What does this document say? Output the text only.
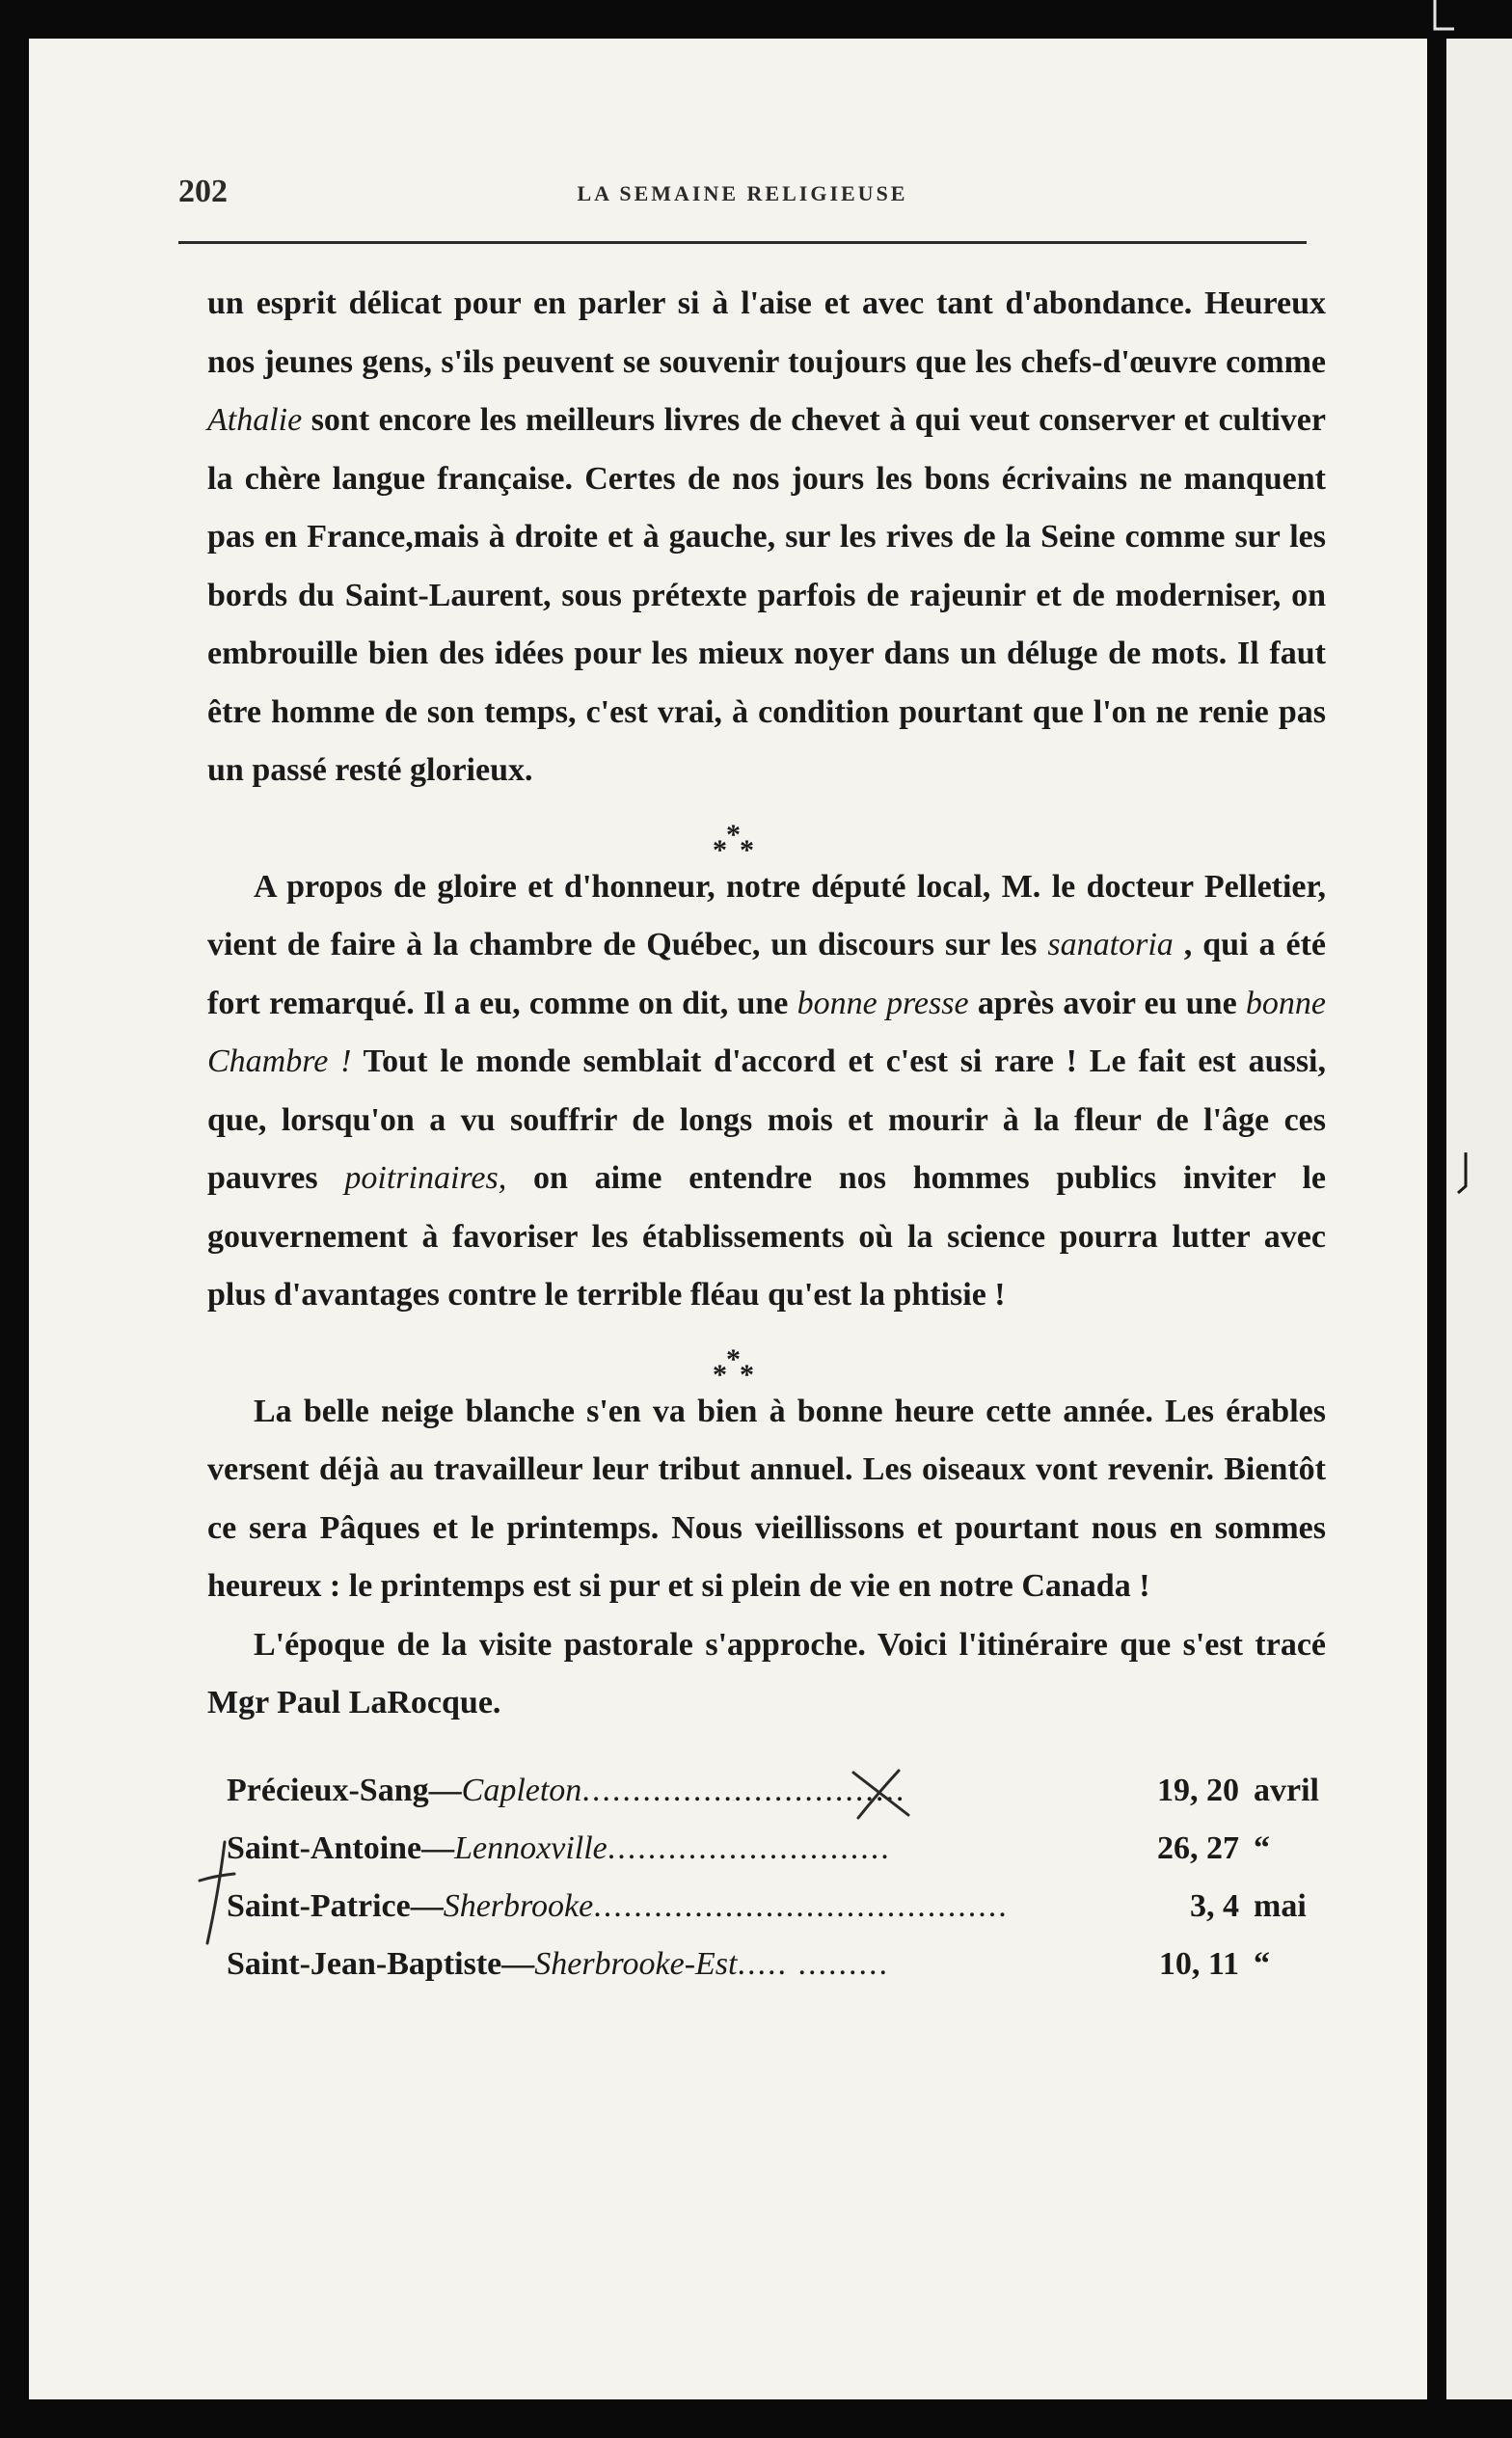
202	LA SEMAINE RELIGIEUSE

un esprit délicat pour en parler si à l'aise et avec tant d'abondance. Heureux nos jeunes gens, s'ils peuvent se souvenir toujours que les chefs-d'œuvre comme Athalie sont encore les meilleurs livres de chevet à qui veut conserver et cultiver la chère langue française. Certes de nos jours les bons écrivains ne manquent pas en France,mais à droite et à gauche, sur les rives de la Seine comme sur les bords du Saint-Laurent, sous prétexte parfois de rajeunir et de moderniser, on embrouille bien des idées pour les mieux noyer dans un déluge de mots. Il faut être homme de son temps, c'est vrai, à condition pourtant que l'on ne renie pas un passé resté glorieux.

*
* *

A propos de gloire et d'honneur, notre député local, M. le docteur Pelletier, vient de faire à la chambre de Québec, un discours sur les sanatoria , qui a été fort remarqué. Il a eu, comme on dit, une bonne presse après avoir eu une bonne Chambre ! Tout le monde semblait d'accord et c'est si rare ! Le fait est aussi, que, lorsqu'on a vu souffrir de longs mois et mourir à la fleur de l'âge ces pauvres poitrinaires, on aime entendre nos hommes publics inviter le gouvernement à favoriser les établissements où la science pourra lutter avec plus d'avantages contre le terrible fléau qu'est la phtisie !

*
* *

La belle neige blanche s'en va bien à bonne heure cette année. Les érables versent déjà au travailleur leur tribut annuel. Les oiseaux vont revenir. Bientôt ce sera Pâques et le printemps. Nous vieillissons et pourtant nous en sommes heureux : le printemps est si pur et si plein de vie en notre Canada !

L'époque de la visite pastorale s'approche. Voici l'itinéraire que s'est tracé Mgr Paul LaRocque.

Précieux-Sang—Capleton................................	19, 20 avril
Saint-Antoine—Lennoxville............................	26, 27 “
Saint-Patrice—Sherbrooke.........................................	3, 4 mai
Saint-Jean-Baptiste—Sherbrooke-Est..... .........	10, 11 “
